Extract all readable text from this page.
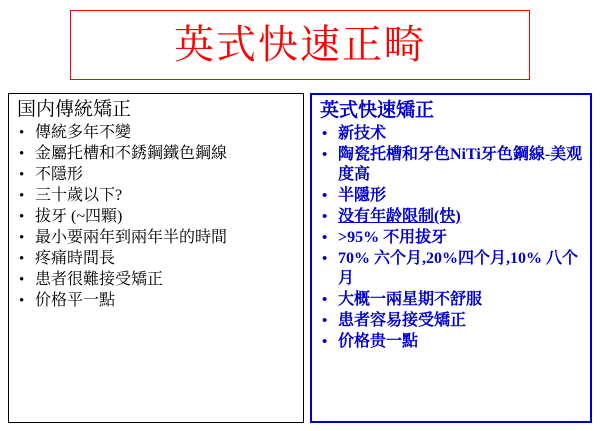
英式快速正畸
国内傳統矯正
• 傳統多年不變
• 金屬托槽和不銹鋼鐵色鋼線
• 不隱形
• 三十歲以下?
• 拔牙 (~四顆)
• 最小要兩年到兩年半的時間
• 疼痛時間長
• 患者很難接受矯正
• 价格平一點
英式快速矯正
• 新技术
• 陶瓷托槽和牙色NiTi牙色鋼線-美观度高
• 半隱形
• 没有年龄限制(快)
• >95% 不用拔牙
• 70% 六个月,20%四个月,10% 八个月
• 大概一兩星期不舒服
• 患者容易接受矯正
• 价格贵一點
